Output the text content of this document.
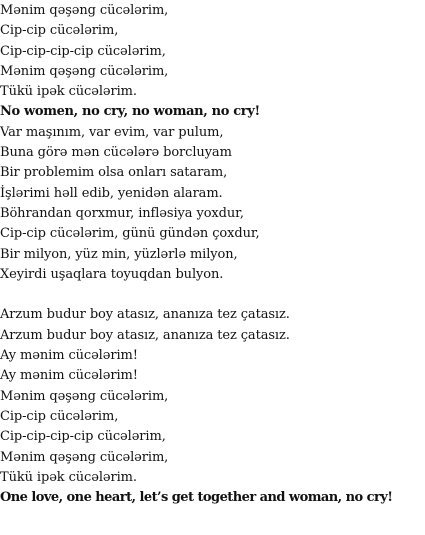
Mənim qəşəng cücələrim,
Cip-cip cücələrim,
Cip-cip-cip-cip cücələrim,
Mənim qəşəng cücələrim,
Tükü ipək cücələrim.
No women, no cry, no woman, no cry!
Var maşınım, var evim, var pulum,
Buna görə mən cücələrə borcluyam
Bir problemim olsa onları sataram,
İşlərimi həll edib, yenidən alaram.
Böhrandan qorxmur, infləsiya yoxdur,
Cip-cip cücələrim, günü gündən çoxdur,
Bir milyon, yüz min, yüzlərlə milyon,
Xeyirdi uşaqlara toyuqdan bulyon.
Arzum budur boy atasız, ananıza tez çatasız.
Arzum budur boy atasız, ananıza tez çatasız.
Ay mənim cücələrim!
Ay mənim cücələrim!
Mənim qəşəng cücələrim,
Cip-cip cücələrim,
Cip-cip-cip-cip cücələrim,
Mənim qəşəng cücələrim,
Tükü ipək cücələrim.
One love, one heart, let’s get together and woman, no cry!
